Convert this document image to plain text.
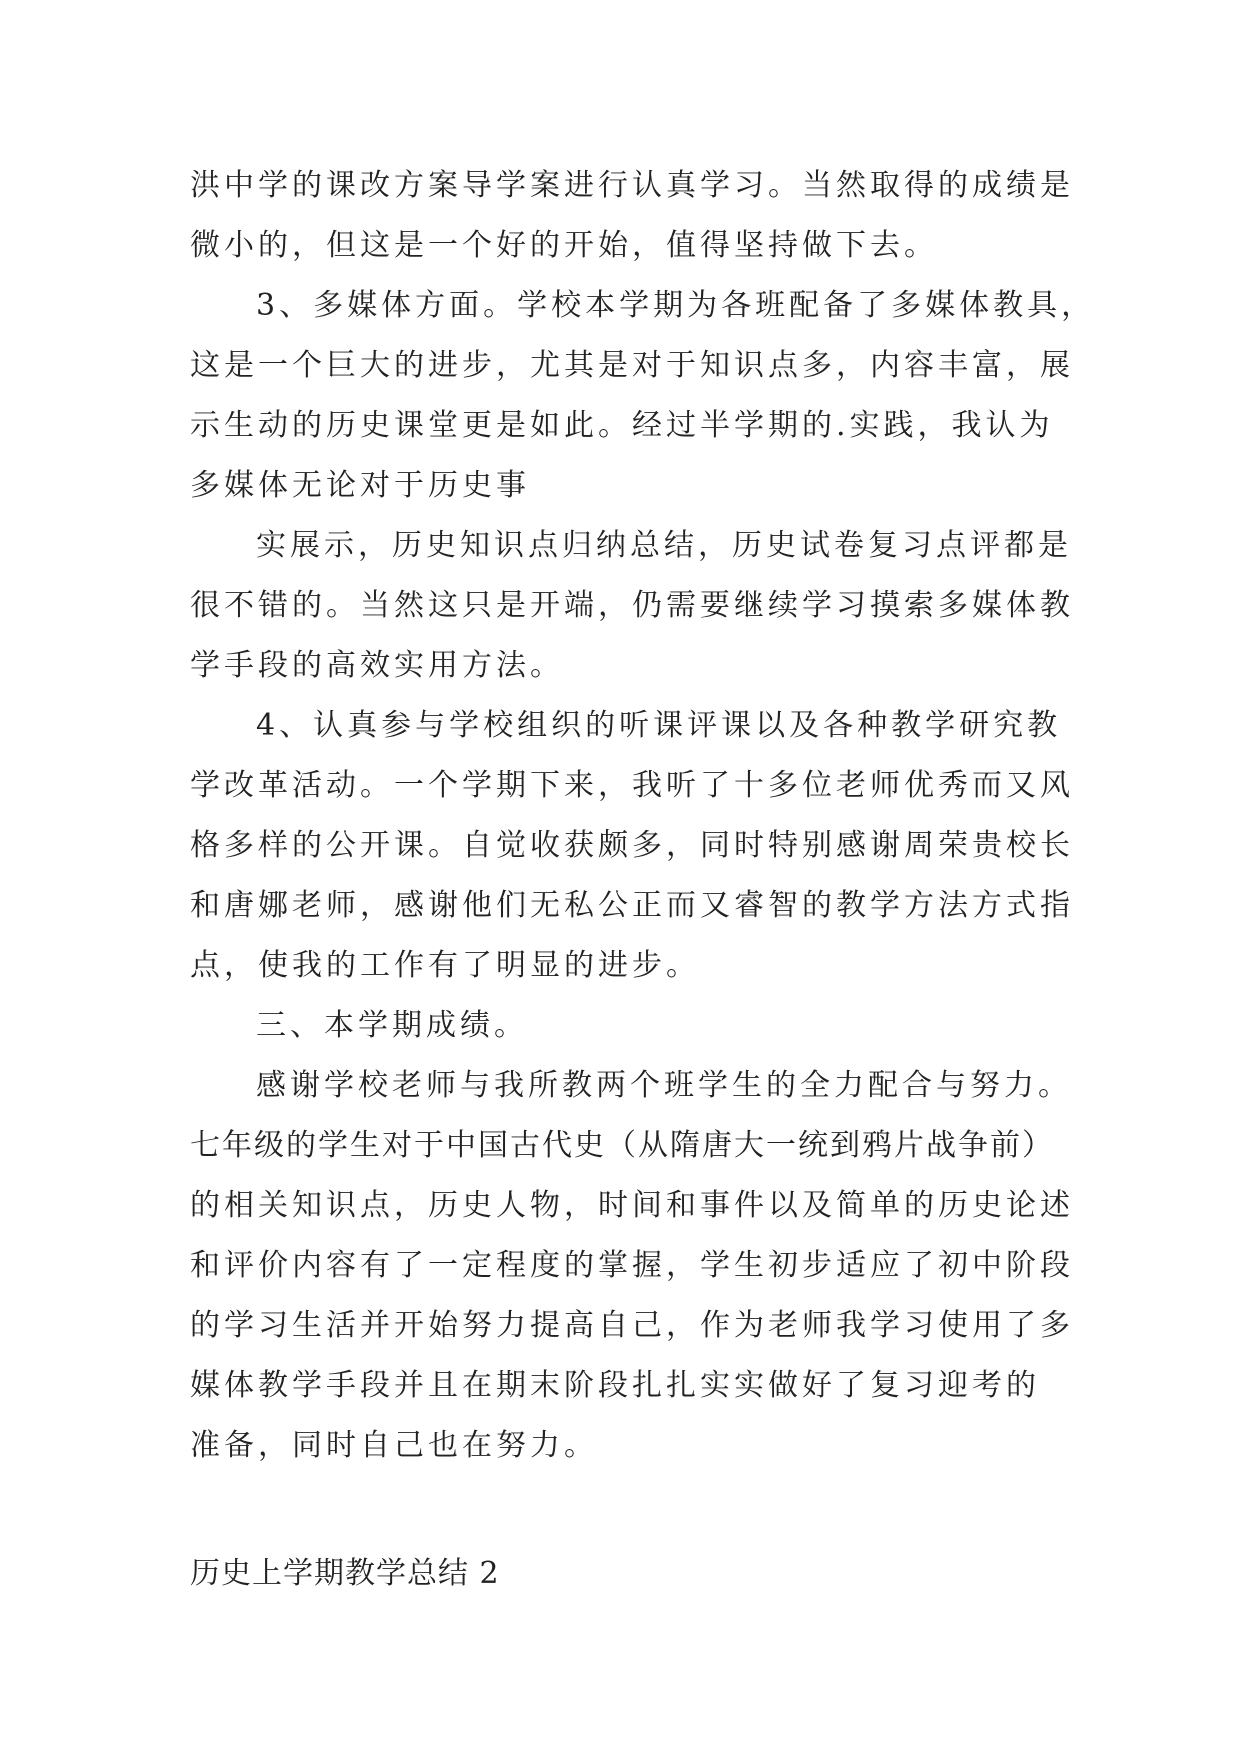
洪中学的课改方案导学案进行认真学习。当然取得的成绩是
微小的，但这是一个好的开始，值得坚持做下去。
3、多媒体方面。学校本学期为各班配备了多媒体教具，
这是一个巨大的进步，尤其是对于知识点多，内容丰富，展
示生动的历史课堂更是如此。经过半学期的.实践，我认为
多媒体无论对于历史事
实展示，历史知识点归纳总结，历史试卷复习点评都是
很不错的。当然这只是开端，仍需要继续学习摸索多媒体教
学手段的高效实用方法。
4、认真参与学校组织的听课评课以及各种教学研究教
学改革活动。一个学期下来，我听了十多位老师优秀而又风
格多样的公开课。自觉收获颇多，同时特别感谢周荣贵校长
和唐娜老师，感谢他们无私公正而又睿智的教学方法方式指
点，使我的工作有了明显的进步。
三、本学期成绩。
感谢学校老师与我所教两个班学生的全力配合与努力。
七年级的学生对于中国古代史（从隋唐大一统到鸦片战争前）
的相关知识点，历史人物，时间和事件以及简单的历史论述
和评价内容有了一定程度的掌握，学生初步适应了初中阶段
的学习生活并开始努力提高自己，作为老师我学习使用了多
媒体教学手段并且在期末阶段扎扎实实做好了复习迎考的
准备，同时自己也在努力。
历史上学期教学总结 2
